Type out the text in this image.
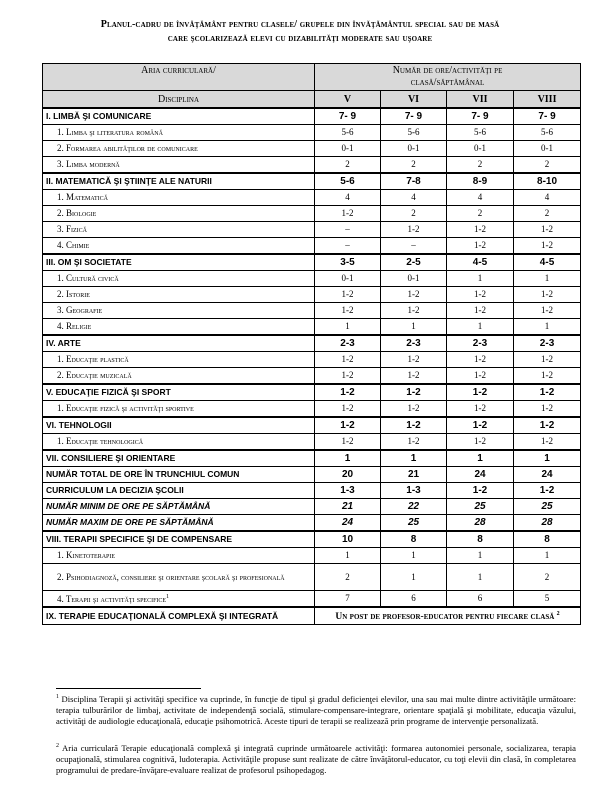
Planul-cadru de învăţământ pentru clasele/ grupele din învăţământul special sau de masă
care şcolarizează elevi cu dizabilităţi moderate sau uşoare
Aria curriculară/	Număr de ore/activităţi pe
clasă/săptămânal			

Disciplina	V	VI	VII	VIII
I. LIMBĂ ŞI COMUNICARE	7- 9	7- 9	7- 9	7- 9
1. Limba şi literatura română	5-6	5-6	5-6	5-6
2. Formarea abilităţilor de comunicare	0-1	0-1	0-1	0-1
3. Limba modernă	2	2	2	2
II. MATEMATICĂ ŞI ŞTIINŢE ALE NATURII	5-6	7-8	8-9	8-10
1. Matematică	4	4	4	4
2. Biologie	1-2	2	2	2
3. Fizică	–	1-2	1-2	1-2
4. Chimie	–	–	1-2	1-2
III. OM ŞI SOCIETATE	3-5	2-5	4-5	4-5
1. Cultură civică	0-1	0-1	1	1
2. Istorie	1-2	1-2	1-2	1-2
3. Geografie	1-2	1-2	1-2	1-2
4. Religie	1	1	1	1
IV. ARTE	2-3	2-3	2-3	2-3
1. Educaţie plastică	1-2	1-2	1-2	1-2
2. Educaţie muzicală	1-2	1-2	1-2	1-2
V. EDUCAŢIE FIZICĂ ŞI SPORT	1-2	1-2	1-2	1-2
1. Educaţie fizică şi activităţi sportive	1-2	1-2	1-2	1-2
VI. TEHNOLOGII	1-2	1-2	1-2	1-2
1. Educaţie tehnologică	1-2	1-2	1-2	1-2
VII. CONSILIERE ŞI ORIENTARE	1	1	1	1
NUMĂR TOTAL DE ORE ÎN TRUNCHIUL COMUN	20	21	24	24
CURRICULUM LA DECIZIA ŞCOLII	1-3	1-3	1-2	1-2
NUMĂR MINIM DE ORE PE SĂPTĂMÂNĂ	21	22	25	25
NUMĂR MAXIM DE ORE PE SĂPTĂMÂNĂ	24	25	28	28
VIII. TERAPII SPECIFICE ŞI DE COMPENSARE	10	8	8	8
1. Kinetoterapie	1	1	1	1
2. Psihodiagnoză, consiliere şi orientare şcolară şi profesională	2	1	1	2
4. Terapii şi activităţi specifice$^1$	7	6	6	5
IX. TERAPIE EDUCAŢIONALĂ COMPLEXĂ ŞI INTEGRATĂ	Un post de profesor-educator pentru fiecare clasă $^2$
$^1$ Disciplina Terapii şi activităţi specifice va cuprinde, în funcţie de tipul şi gradul deficienţei elevilor, una sau mai multe dintre activităţile următoare: terapia tulburărilor de limbaj, activitate de independenţă socială, stimulare-compensare-integrare, orientare spaţială şi mobilitate, educaţia văzului, activităţi de audiologie educaţională, educaţie psihomotrică. Aceste tipuri de terapii se realizează prin programe de intervenţie personalizată.
$^2$ Aria curriculară Terapie educaţională complexă şi integrată cuprinde următoarele activităţi: formarea autonomiei personale, socializarea, terapia ocupaţională, stimularea cognitivă, ludoterapia. Activităţile propuse sunt realizate de către învăţătorul-educator, cu toţi elevii din clasă, în completarea programului de predare-învăţare-evaluare realizat de profesorul psihopedagog.
